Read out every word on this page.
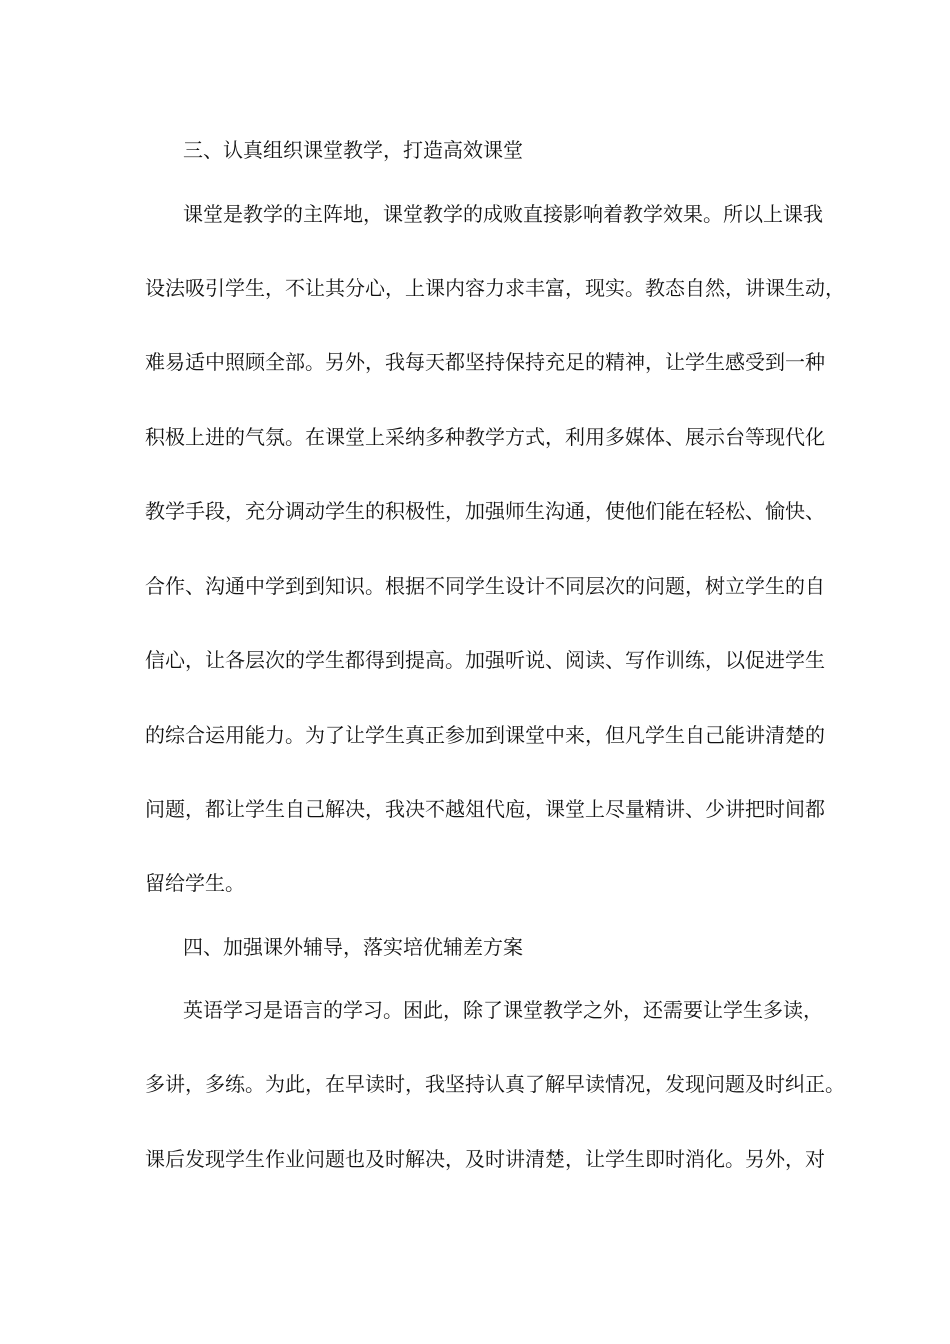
三、认真组织课堂教学，打造高效课堂
课堂是教学的主阵地，课堂教学的成败直接影响着教学效果。所以上课我
设法吸引学生，不让其分心，上课内容力求丰富，现实。教态自然，讲课生动，
难易适中照顾全部。另外，我每天都坚持保持充足的精神，让学生感受到一种
积极上进的气氛。在课堂上采纳多种教学方式，利用多媒体、展示台等现代化
教学手段，充分调动学生的积极性，加强师生沟通，使他们能在轻松、愉快、
合作、沟通中学到到知识。根据不同学生设计不同层次的问题，树立学生的自
信心，让各层次的学生都得到提高。加强听说、阅读、写作训练，以促进学生
的综合运用能力。为了让学生真正参加到课堂中来，但凡学生自己能讲清楚的
问题，都让学生自己解决，我决不越俎代庖，课堂上尽量精讲、少讲把时间都
留给学生。
四、加强课外辅导，落实培优辅差方案
英语学习是语言的学习。困此，除了课堂教学之外，还需要让学生多读，
多讲，多练。为此，在早读时，我坚持认真了解早读情况，发现问题及时纠正。
课后发现学生作业问题也及时解决，及时讲清楚，让学生即时消化。另外，对
